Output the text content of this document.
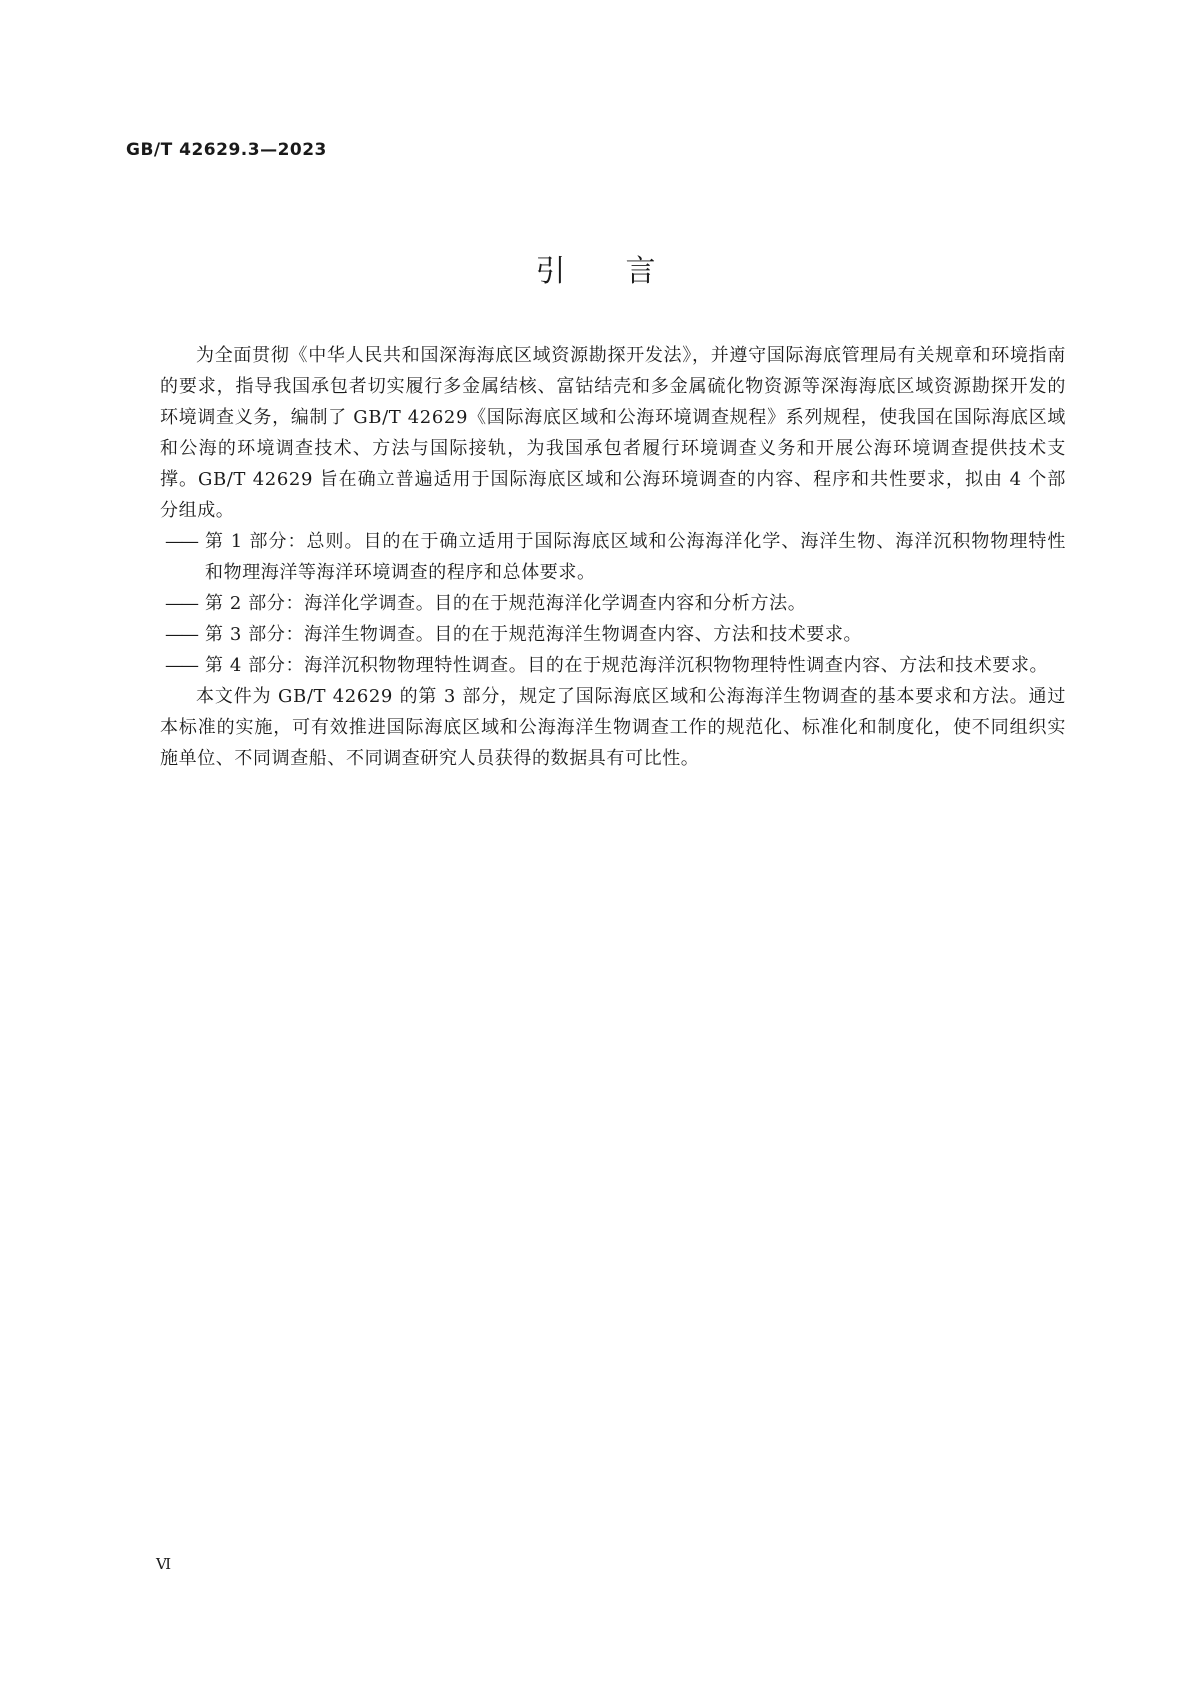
GB/T 42629.3—2023
引言

为全面贯彻《中华人民共和国深海海底区域资源勘探开发法》，并遵守国际海底管理局有关规章和环境指南的要求，指导我国承包者切实履行多金属结核、富钴结壳和多金属硫化物资源等深海海底区域资源勘探开发的环境调查义务，编制了 GB/T 42629《国际海底区域和公海环境调查规程》系列规程，使我国在国际海底区域和公海的环境调查技术、方法与国际接轨，为我国承包者履行环境调查义务和开展公海环境调查提供技术支撑。GB/T 42629 旨在确立普遍适用于国际海底区域和公海环境调查的内容、程序和共性要求，拟由 4 个部分组成。

—— 第 1 部分：总则。目的在于确立适用于国际海底区域和公海海洋化学、海洋生物、海洋沉积物物理特性和物理海洋等海洋环境调查的程序和总体要求。

—— 第 2 部分：海洋化学调查。目的在于规范海洋化学调查内容和分析方法。

—— 第 3 部分：海洋生物调查。目的在于规范海洋生物调查内容、方法和技术要求。

—— 第 4 部分：海洋沉积物物理特性调查。目的在于规范海洋沉积物物理特性调查内容、方法和技术要求。

本文件为 GB/T 42629 的第 3 部分，规定了国际海底区域和公海海洋生物调查的基本要求和方法。通过本标准的实施，可有效推进国际海底区域和公海海洋生物调查工作的规范化、标准化和制度化，使不同组织实施单位、不同调查船、不同调查研究人员获得的数据具有可比性。

Ⅵ
